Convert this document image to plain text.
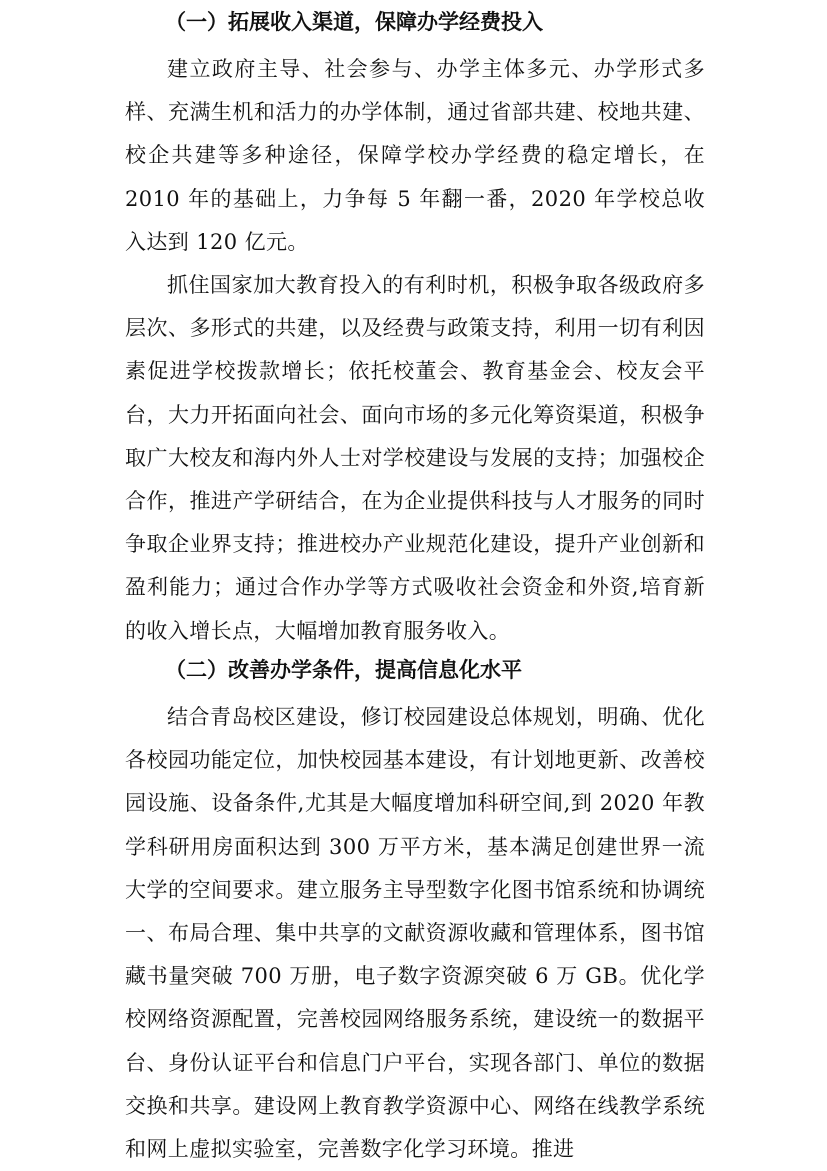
（一）拓展收入渠道，保障办学经费投入

建立政府主导、社会参与、办学主体多元、办学形式多样、充满生机和活力的办学体制，通过省部共建、校地共建、校企共建等多种途径，保障学校办学经费的稳定增长，在 2010 年的基础上，力争每 5 年翻一番，2020 年学校总收入达到 120 亿元。

抓住国家加大教育投入的有利时机，积极争取各级政府多层次、多形式的共建，以及经费与政策支持，利用一切有利因素促进学校拨款增长；依托校董会、教育基金会、校友会平台，大力开拓面向社会、面向市场的多元化筹资渠道，积极争取广大校友和海内外人士对学校建设与发展的支持；加强校企合作，推进产学研结合，在为企业提供科技与人才服务的同时争取企业界支持；推进校办产业规范化建设，提升产业创新和盈利能力；通过合作办学等方式吸收社会资金和外资,培育新的收入增长点，大幅增加教育服务收入。

（二）改善办学条件，提高信息化水平

结合青岛校区建设，修订校园建设总体规划，明确、优化各校园功能定位，加快校园基本建设，有计划地更新、改善校园设施、设备条件,尤其是大幅度增加科研空间,到 2020 年教学科研用房面积达到 300 万平方米，基本满足创建世界一流大学的空间要求。建立服务主导型数字化图书馆系统和协调统一、布局合理、集中共享的文献资源收藏和管理体系，图书馆藏书量突破 700 万册，电子数字资源突破 6 万 GB。优化学校网络资源配置，完善校园网络服务系统，建设统一的数据平台、身份认证平台和信息门户平台，实现各部门、单位的数据交换和共享。建设网上教育教学资源中心、网络在线教学系统和网上虚拟实验室，完善数字化学习环境。推进
